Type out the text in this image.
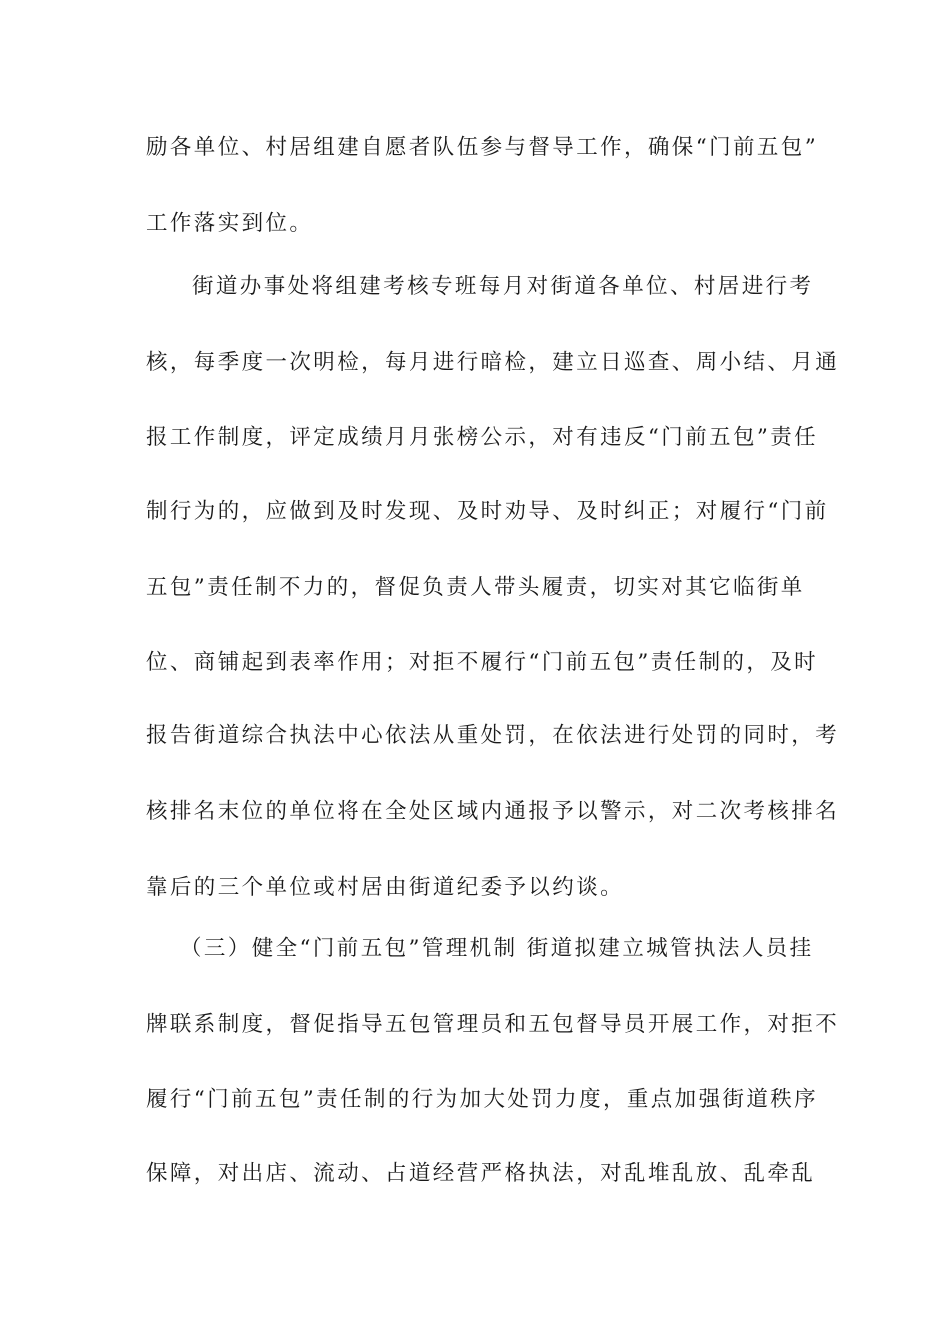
励各单位、村居组建自愿者队伍参与督导工作，确保“门前五包”
工作落实到位。
街道办事处将组建考核专班每月对街道各单位、村居进行考
核，每季度一次明检，每月进行暗检，建立日巡查、周小结、月通
报工作制度，评定成绩月月张榜公示，对有违反“门前五包”责任
制行为的，应做到及时发现、及时劝导、及时纠正；对履行“门前
五包”责任制不力的，督促负责人带头履责，切实对其它临街单
位、商铺起到表率作用；对拒不履行“门前五包”责任制的，及时
报告街道综合执法中心依法从重处罚，在依法进行处罚的同时，考
核排名末位的单位将在全处区域内通报予以警示，对二次考核排名
靠后的三个单位或村居由街道纪委予以约谈。
（三）健全“门前五包”管理机制 街道拟建立城管执法人员挂
牌联系制度，督促指导五包管理员和五包督导员开展工作，对拒不
履行“门前五包”责任制的行为加大处罚力度，重点加强街道秩序
保障，对出店、流动、占道经营严格执法，对乱堆乱放、乱牵乱
